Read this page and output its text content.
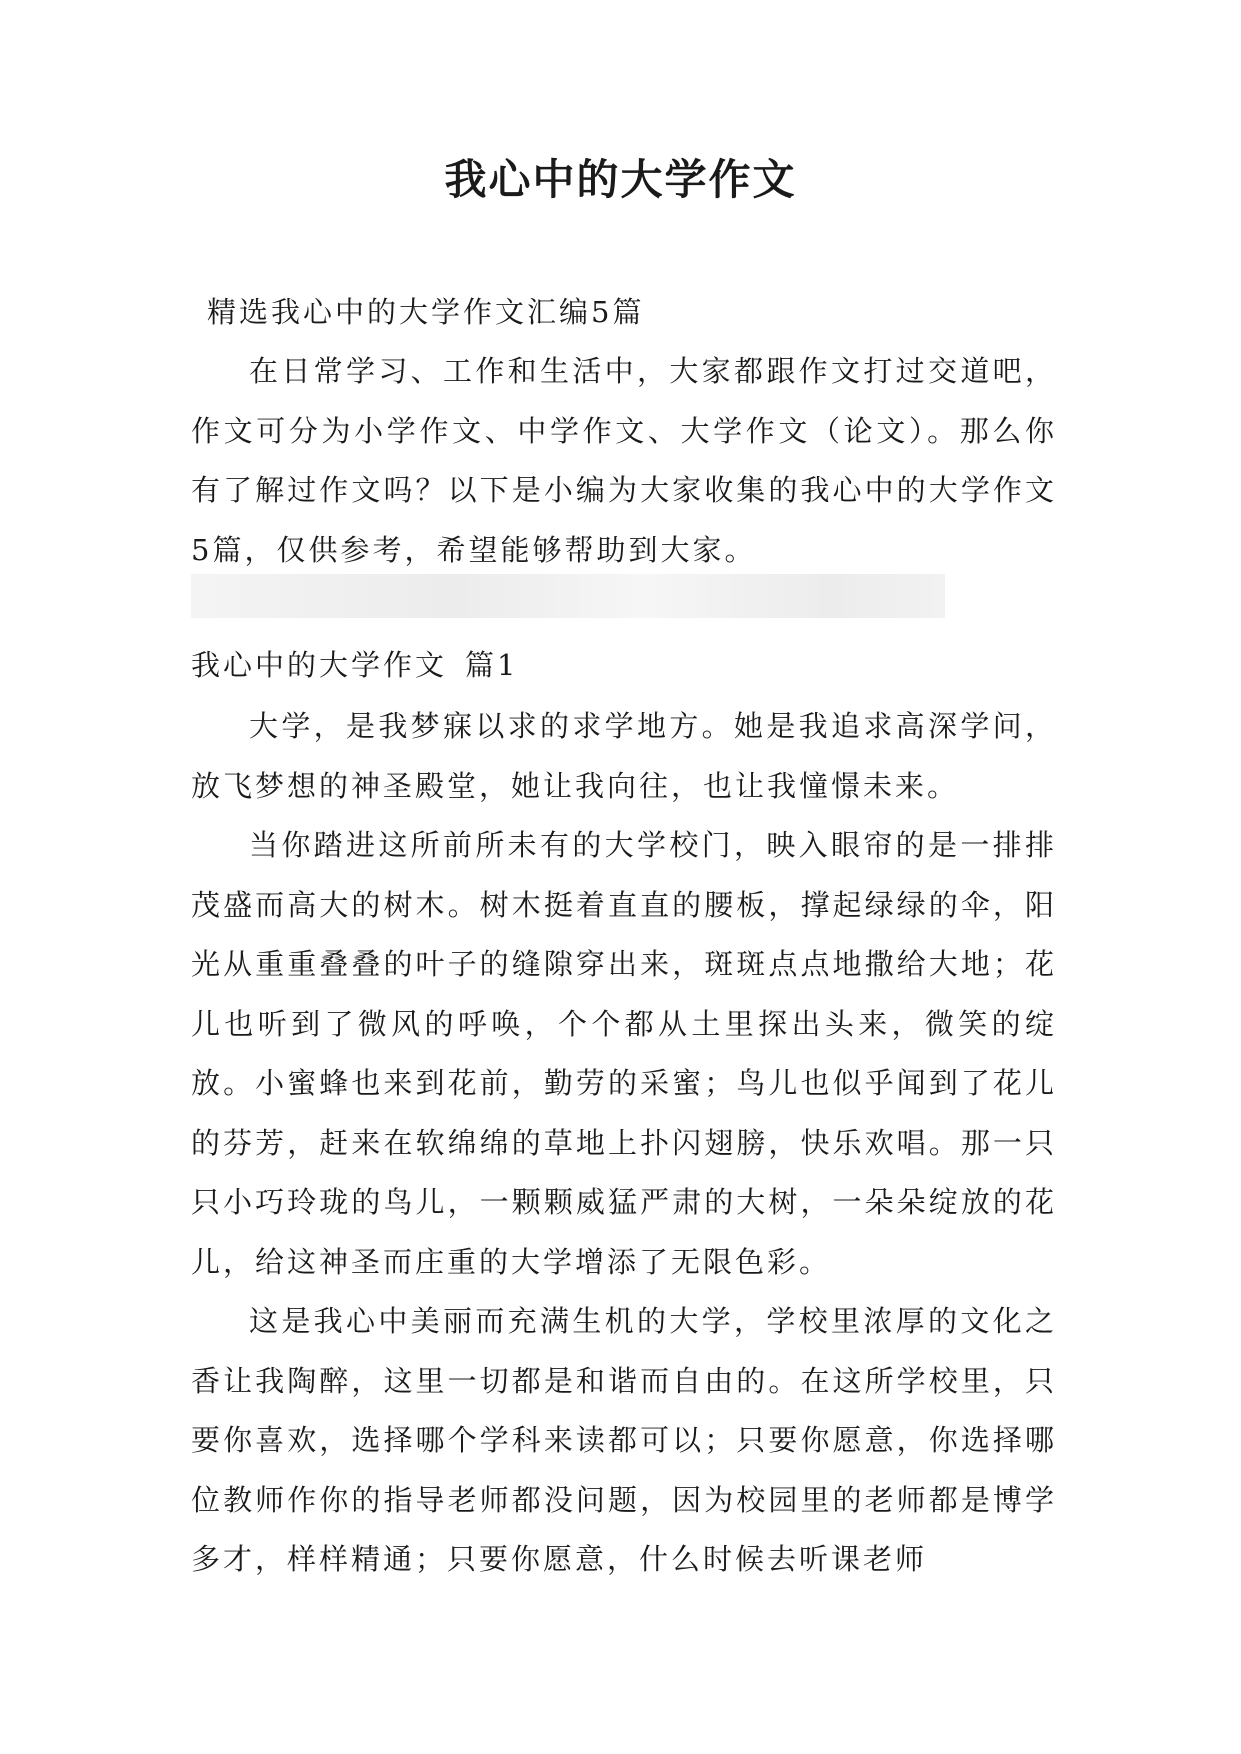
我心中的大学作文

精选我心中的大学作文汇编5篇

在日常学习、工作和生活中，大家都跟作文打过交道吧，作文可分为小学作文、中学作文、大学作文（论文）。那么你有了解过作文吗？以下是小编为大家收集的我心中的大学作文5篇，仅供参考，希望能够帮助到大家。

我心中的大学作文 篇1

大学，是我梦寐以求的求学地方。她是我追求高深学问，放飞梦想的神圣殿堂，她让我向往，也让我憧憬未来。

当你踏进这所前所未有的大学校门，映入眼帘的是一排排茂盛而高大的树木。树木挺着直直的腰板，撑起绿绿的伞，阳光从重重叠叠的叶子的缝隙穿出来，斑斑点点地撒给大地；花儿也听到了微风的呼唤，个个都从土里探出头来，微笑的绽放。小蜜蜂也来到花前，勤劳的采蜜；鸟儿也似乎闻到了花儿的芬芳，赶来在软绵绵的草地上扑闪翅膀，快乐欢唱。那一只只小巧玲珑的鸟儿，一颗颗威猛严肃的大树，一朵朵绽放的花儿，给这神圣而庄重的大学增添了无限色彩。

这是我心中美丽而充满生机的大学，学校里浓厚的文化之香让我陶醉，这里一切都是和谐而自由的。在这所学校里，只要你喜欢，选择哪个学科来读都可以；只要你愿意，你选择哪位教师作你的指导老师都没问题，因为校园里的老师都是博学多才，样样精通；只要你愿意，什么时候去听课老师
